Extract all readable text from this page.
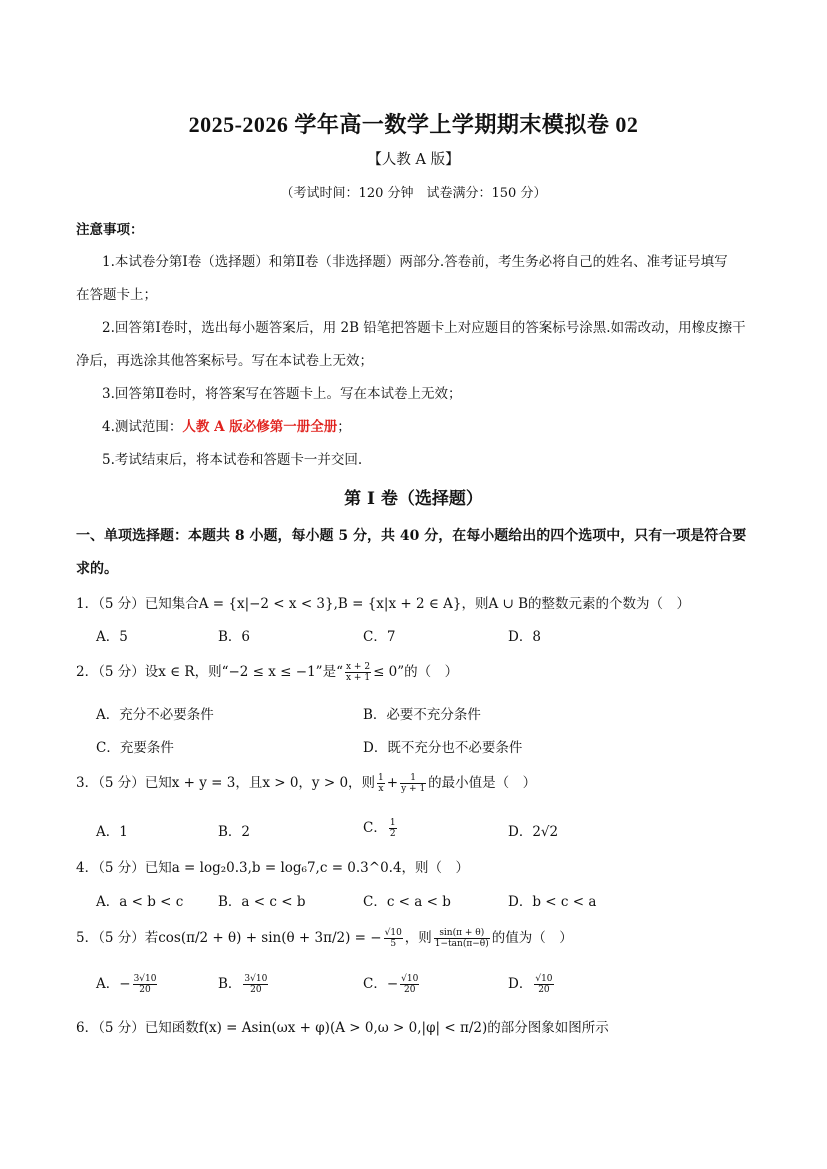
2025-2026 学年高一数学上学期期末模拟卷 02
【人教 A 版】
（考试时间：120 分钟　试卷满分：150 分）
注意事项：
1.本试卷分第Ⅰ卷（选择题）和第Ⅱ卷（非选择题）两部分.答卷前，考生务必将自己的姓名、准考证号填写
在答题卡上；
2.回答第Ⅰ卷时，选出每小题答案后，用 2B 铅笔把答题卡上对应题目的答案标号涂黑.如需改动，用橡皮擦干
净后，再选涂其他答案标号。写在本试卷上无效；
3.回答第Ⅱ卷时，将答案写在答题卡上。写在本试卷上无效；
4.测试范围：人教 A 版必修第一册全册；
5.考试结束后，将本试卷和答题卡一并交回.
第 I 卷（选择题）
一、单项选择题：本题共 8 小题，每小题 5 分，共 40 分，在每小题给出的四个选项中，只有一项是符合要
求的。
1．（5 分）已知集合A = {x|−2 < x < 3},B = {x|x + 2 ∈ A}，则A ∪ B的整数元素的个数为（　）
A．5	B．6	C．7	D．8
2．（5 分）设x ∈ R，则“−2 ≤ x ≤ −1”是“ $\frac{x + 2}{x + 1} \le 0$”的（　）
A．充分不必要条件	B．必要不充分条件
C．充要条件	D．既不充分也不必要条件
3．（5 分）已知x + y = 3，且x > 0，y > 0，则 $\frac{1}{x} + \frac{1}{y + 1}$ 的最小值是（　）
A．1	B．2	C． $\frac{1}{2}$	D．2√2
4．（5 分）已知a = log₂0.3,b = log₆7,c = 0.3^0.4，则（　）
A．a < b < c	B．a < c < b	C．c < a < b	D．b < c < a
5．（5 分）若cos(π/2 + θ) + sin(θ + 3π/2) = − $\frac{√10}{5}$ ，则 $\frac{\sin(\pi + \theta)}{1-\tan(\pi-\theta)}$ 的值为（　）
A．− $\frac{3√10}{20}$	B． $\frac{3√10}{20}$	C．− $\frac{√10}{20}$	D． $\frac{√10}{20}$
6．（5 分）已知函数f(x) = Asin(ωx + φ)(A > 0,ω > 0,|φ| < π/2)的部分图象如图所示
